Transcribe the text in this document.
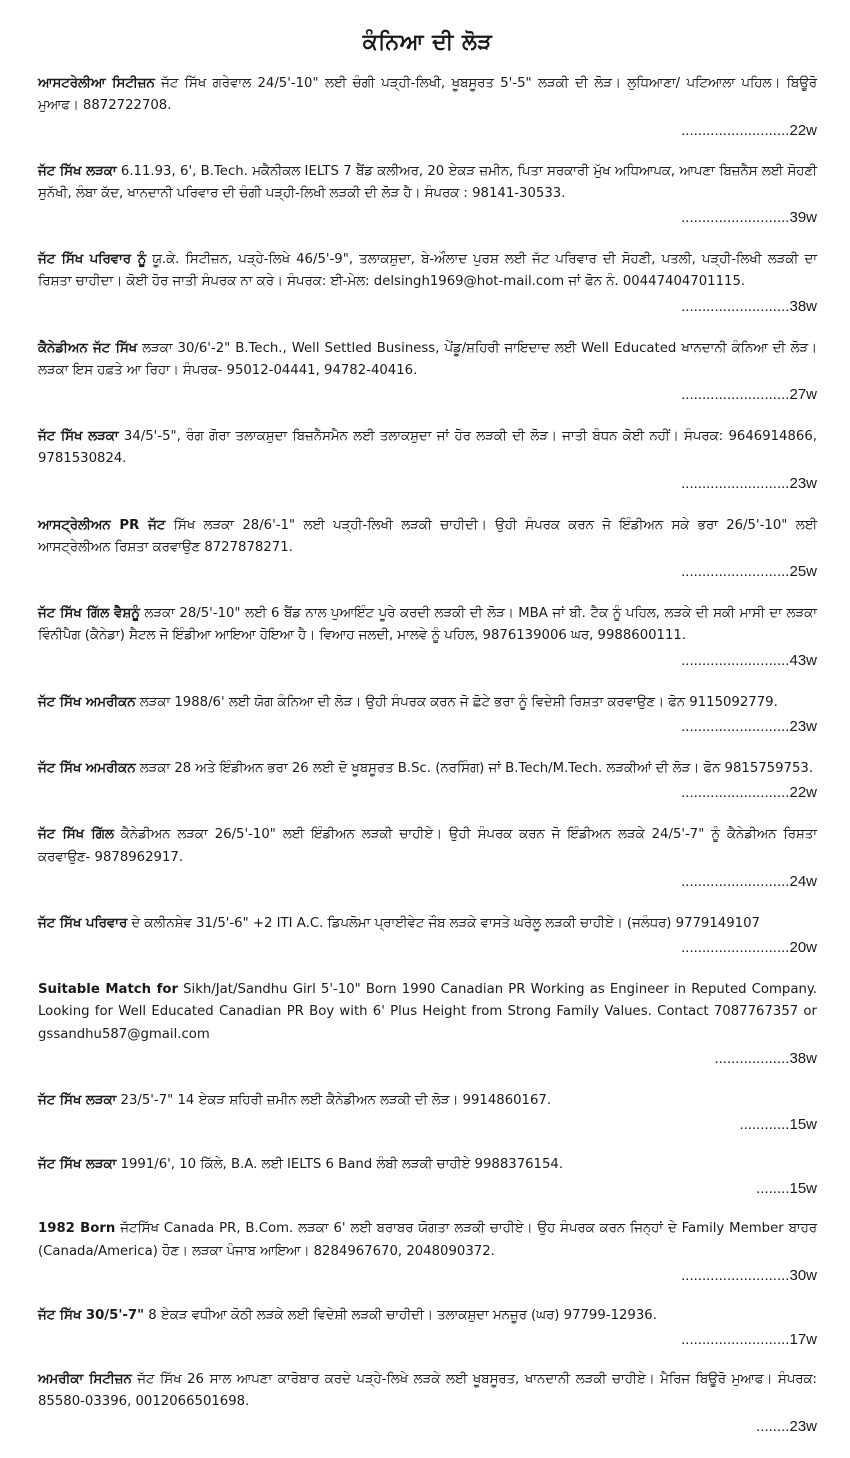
ਕੰਨਿਆ ਦੀ ਲੋੜ

ਆਸਟਰੇਲੀਆ ਸਿਟੀਜ਼ਨ ਜੱਟ ਸਿੱਖ ਗਰੇਵਾਲ 24/5'-10" ਲਈ ਚੰਗੀ ਪੜ੍ਹੀ-ਲਿਖੀ, ਖੂਬਸੂਰਤ 5'-5" ਲੜਕੀ ਦੀ ਲੋੜ। ਲੁਧਿਆਣਾ/ ਪਟਿਆਲਾ ਪਹਿਲ। ਬਿਊਰੋ ਮੁਆਫ। 8872722708.
..........................22w

ਜੱਟ ਸਿੱਖ ਲੜਕਾ 6.11.93, 6', B.Tech. ਮਕੈਨੀਕਲ IELTS 7 ਬੈਂਡ ਕਲੀਅਰ, 20 ਏਕੜ ਜ਼ਮੀਨ, ਪਿਤਾ ਸਰਕਾਰੀ ਮੁੱਖ ਅਧਿਆਪਕ, ਆਪਣਾ ਬਿਜ਼ਨੈਸ ਲਈ ਸੋਹਣੀ ਸੁਨੱਖੀ, ਲੰਬਾ ਕੱਦ, ਖਾਨਦਾਨੀ ਪਰਿਵਾਰ ਦੀ ਚੰਗੀ ਪੜ੍ਹੀ-ਲਿਖੀ ਲੜਕੀ ਦੀ ਲੋੜ ਹੈ। ਸੰਪਰਕ : 98141-30533.
..........................39w

ਜੱਟ ਸਿੱਖ ਪਰਿਵਾਰ ਨੂੰ ਯੂ.ਕੇ. ਸਿਟੀਜ਼ਨ, ਪੜ੍ਹੇ-ਲਿਖੇ 46/5'-9", ਤਲਾਕਸ਼ੁਦਾ, ਬੇ-ਔਲਾਦ ਪੁਰਸ਼ ਲਈ ਜੱਟ ਪਰਿਵਾਰ ਦੀ ਸੋਹਣੀ, ਪਤਲੀ, ਪੜ੍ਹੀ-ਲਿਖੀ ਲੜਕੀ ਦਾ ਰਿਸ਼ਤਾ ਚਾਹੀਦਾ। ਕੋਈ ਹੋਰ ਜਾਤੀ ਸੰਪਰਕ ਨਾ ਕਰੇ। ਸੰਪਰਕ: ਈ-ਮੇਲ: delsingh1969@hot-mail.com ਜਾਂ ਫੋਨ ਨੰ. 00447404701115.
..........................38w

ਕੈਨੇਡੀਅਨ ਜੱਟ ਸਿੱਖ ਲੜਕਾ 30/6'-2" B.Tech., Well Settled Business, ਪੇਂਡੂ/ਸ਼ਹਿਰੀ ਜਾਇਦਾਦ ਲਈ Well Educated ਖਾਨਦਾਨੀ ਕੰਨਿਆ ਦੀ ਲੋੜ। ਲੜਕਾ ਇਸ ਹਫ਼ਤੇ ਆ ਰਿਹਾ। ਸੰਪਰਕ- 95012-04441, 94782-40416.
..........................27w

ਜੱਟ ਸਿੱਖ ਲੜਕਾ 34/5'-5", ਰੰਗ ਗੋਰਾ ਤਲਾਕਸ਼ੁਦਾ ਬਿਜ਼ਨੈਸਮੈਨ ਲਈ ਤਲਾਕਸ਼ੁਦਾ ਜਾਂ ਹੋਰ ਲੜਕੀ ਦੀ ਲੋੜ। ਜਾਤੀ ਬੰਧਨ ਕੋਈ ਨਹੀਂ। ਸੰਪਰਕ: 9646914866, 9781530824.
..........................23w

ਆਸਟ੍ਰੇਲੀਅਨ PR ਜੱਟ ਸਿੱਖ ਲੜਕਾ 28/6'-1" ਲਈ ਪੜ੍ਹੀ-ਲਿਖੀ ਲੜਕੀ ਚਾਹੀਦੀ। ਉਹੀ ਸੰਪਰਕ ਕਰਨ ਜੋ ਇੰਡੀਅਨ ਸਕੇ ਭਰਾ 26/5'-10" ਲਈ ਆਸਟ੍ਰੇਲੀਅਨ ਰਿਸ਼ਤਾ ਕਰਵਾਉਣ 8727878271.
..........................25w

ਜੱਟ ਸਿੱਖ ਗਿੱਲ ਵੈਸ਼ਨੂੰ ਲੜਕਾ 28/5'-10" ਲਈ 6 ਬੈਂਡ ਨਾਲ ਪੁਆਇੰਟ ਪੂਰੇ ਕਰਦੀ ਲੜਕੀ ਦੀ ਲੋੜ। MBA ਜਾਂ ਬੀ. ਟੈਕ ਨੂੰ ਪਹਿਲ, ਲੜਕੇ ਦੀ ਸਕੀ ਮਾਸੀ ਦਾ ਲੜਕਾ ਵਿੰਨੀਪੈਗ (ਕੈਨੇਡਾ) ਸੈਟਲ ਜੋ ਇੰਡੀਆ ਆਇਆ ਹੋਇਆ ਹੈ। ਵਿਆਹ ਜਲਦੀ, ਮਾਲਵੇ ਨੂੰ ਪਹਿਲ, 9876139006 ਘਰ, 9988600111.
..........................43w

ਜੱਟ ਸਿੱਖ ਅਮਰੀਕਨ ਲੜਕਾ 1988/6' ਲਈ ਯੋਗ ਕੰਨਿਆ ਦੀ ਲੋੜ। ਉਹੀ ਸੰਪਰਕ ਕਰਨ ਜੋ ਛੋਟੇ ਭਰਾ ਨੂੰ ਵਿਦੇਸ਼ੀ ਰਿਸ਼ਤਾ ਕਰਵਾਉਣ। ਫੋਨ 9115092779.
..........................23w

ਜੱਟ ਸਿੱਖ ਅਮਰੀਕਨ ਲੜਕਾ 28 ਅਤੇ ਇੰਡੀਅਨ ਭਰਾ 26 ਲਈ ਦੋ ਖੂਬਸੂਰਤ B.Sc. (ਨਰਸਿੰਗ) ਜਾਂ B.Tech/M.Tech. ਲੜਕੀਆਂ ਦੀ ਲੋੜ। ਫੋਨ 9815759753.
..........................22w

ਜੱਟ ਸਿੱਖ ਗਿੱਲ ਕੈਨੇਡੀਅਨ ਲੜਕਾ 26/5'-10" ਲਈ ਇੰਡੀਅਨ ਲੜਕੀ ਚਾਹੀਏ। ਉਹੀ ਸੰਪਰਕ ਕਰਨ ਜੋ ਇੰਡੀਅਨ ਲੜਕੇ 24/5'-7" ਨੂੰ ਕੈਨੇਡੀਅਨ ਰਿਸ਼ਤਾ ਕਰਵਾਉਣ- 9878962917.
..........................24w

ਜੱਟ ਸਿੱਖ ਪਰਿਵਾਰ ਦੇ ਕਲੀਨਸ਼ੇਵ 31/5'-6" +2 ITI A.C. ਡਿਪਲੋਮਾ ਪ੍ਰਾਈਵੇਟ ਜੌਬ ਲੜਕੇ ਵਾਸਤੇ ਘਰੇਲੂ ਲੜਕੀ ਚਾਹੀਏ। (ਜਲੰਧਰ) 9779149107
..........................20w

Suitable Match for Sikh/Jat/Sandhu Girl 5'-10" Born 1990 Canadian PR Working as Engineer in Reputed Company. Looking for Well Educated Canadian PR Boy with 6' Plus Height from Strong Family Values. Contact 7087767357 or gssandhu587@gmail.com
..................38w

ਜੱਟ ਸਿੱਖ ਲੜਕਾ 23/5'-7" 14 ਏਕੜ ਸ਼ਹਿਰੀ ਜ਼ਮੀਨ ਲਈ ਕੈਨੇਡੀਅਨ ਲੜਕੀ ਦੀ ਲੋੜ। 9914860167.
............15w

ਜੱਟ ਸਿੱਖ ਲੜਕਾ 1991/6', 10 ਕਿੱਲੇ, B.A. ਲਈ IELTS 6 Band ਲੰਬੀ ਲੜਕੀ ਚਾਹੀਏ 9988376154.
........15w

1982 Born ਜੱਟਸਿੱਖ Canada PR, B.Com. ਲੜਕਾ 6' ਲਈ ਬਰਾਬਰ ਯੋਗਤਾ ਲੜਕੀ ਚਾਹੀਏ। ਉਹ ਸੰਪਰਕ ਕਰਨ ਜਿਨ੍ਹਾਂ ਦੇ Family Member ਬਾਹਰ (Canada/America) ਹੋਣ। ਲੜਕਾ ਪੰਜਾਬ ਆਇਆ। 8284967670, 2048090372.
..........................30w

ਜੱਟ ਸਿੱਖ 30/5'-7" 8 ਏਕੜ ਵਧੀਆ ਕੋਠੀ ਲੜਕੇ ਲਈ ਵਿਦੇਸ਼ੀ ਲੜਕੀ ਚਾਹੀਦੀ। ਤਲਾਕਸ਼ੁਦਾ ਮਨਜ਼ੂਰ (ਘਰ) 97799-12936.
..........................17w

ਅਮਰੀਕਾ ਸਿਟੀਜ਼ਨ ਜੱਟ ਸਿੱਖ 26 ਸਾਲ ਆਪਣਾ ਕਾਰੋਬਾਰ ਕਰਦੇ ਪੜ੍ਹੇ-ਲਿਖੇ ਲੜਕੇ ਲਈ ਖੂਬਸੂਰਤ, ਖਾਨਦਾਨੀ ਲੜਕੀ ਚਾਹੀਏ। ਮੈਰਿਜ ਬਿਊਰੋ ਮੁਆਫ। ਸੰਪਰਕ: 85580-03396, 0012066501698.
........23w
